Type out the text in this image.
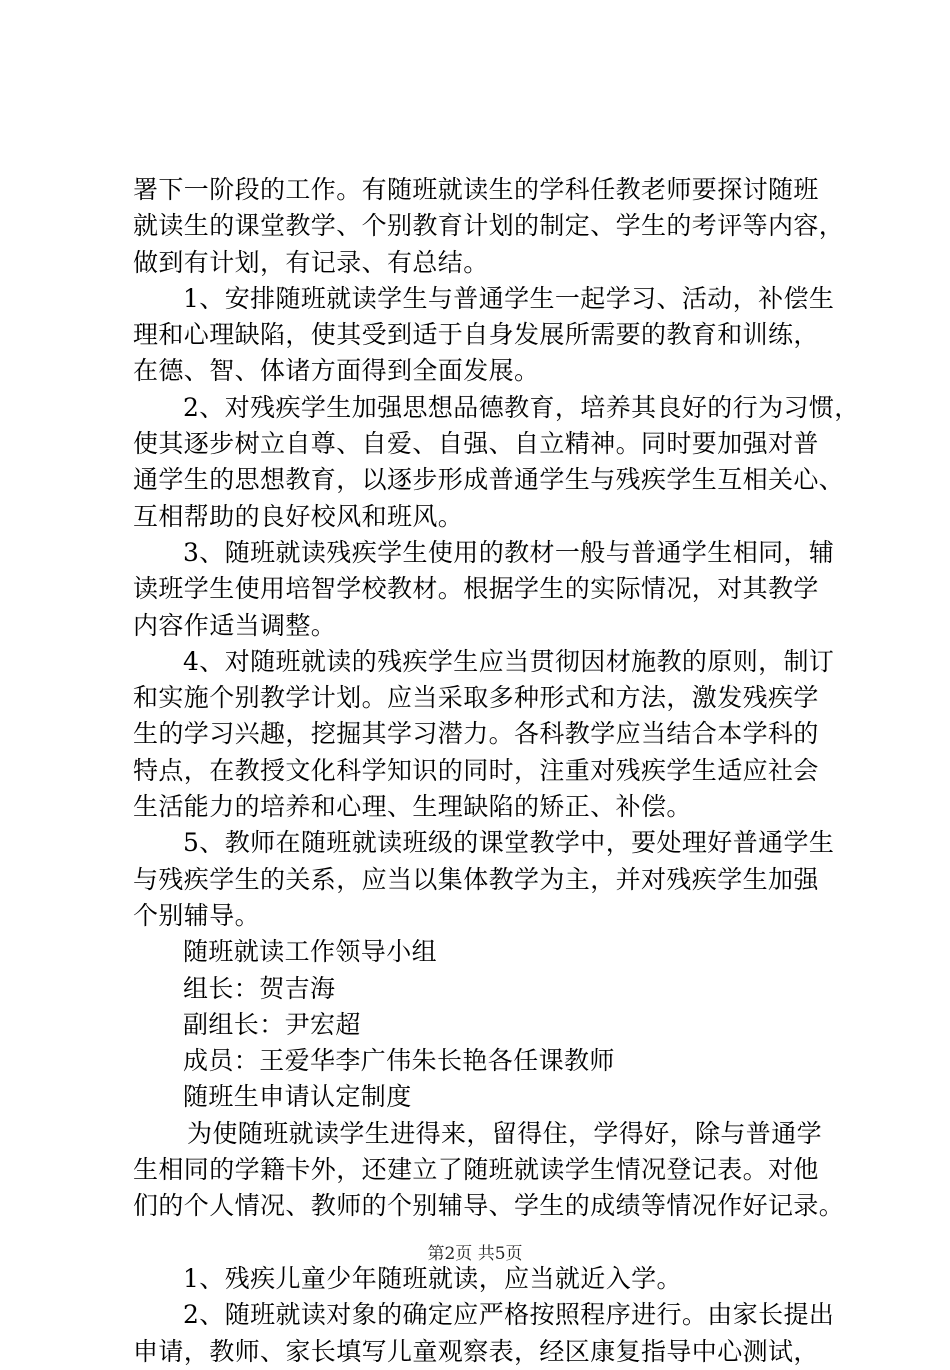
署下一阶段的工作。有随班就读生的学科任教老师要探讨随班
就读生的课堂教学、个别教育计划的制定、学生的考评等内容，
做到有计划，有记录、有总结。
1、安排随班就读学生与普通学生一起学习、活动，补偿生
理和心理缺陷，使其受到适于自身发展所需要的教育和训练，
在德、智、体诸方面得到全面发展。
2、对残疾学生加强思想品德教育，培养其良好的行为习惯，
使其逐步树立自尊、自爱、自强、自立精神。同时要加强对普
通学生的思想教育，以逐步形成普通学生与残疾学生互相关心、
互相帮助的良好校风和班风。
3、随班就读残疾学生使用的教材一般与普通学生相同，辅
读班学生使用培智学校教材。根据学生的实际情况，对其教学
内容作适当调整。
4、对随班就读的残疾学生应当贯彻因材施教的原则，制订
和实施个别教学计划。应当采取多种形式和方法，激发残疾学
生的学习兴趣，挖掘其学习潜力。各科教学应当结合本学科的
特点，在教授文化科学知识的同时，注重对残疾学生适应社会
生活能力的培养和心理、生理缺陷的矫正、补偿。
5、教师在随班就读班级的课堂教学中，要处理好普通学生
与残疾学生的关系，应当以集体教学为主，并对残疾学生加强
个别辅导。
随班就读工作领导小组
组长：贺吉海
副组长：尹宏超
成员：王爱华李广伟朱长艳各任课教师
随班生申请认定制度
为使随班就读学生进得来，留得住，学得好，除与普通学
生相同的学籍卡外，还建立了随班就读学生情况登记表。对他
们的个人情况、教师的个别辅导、学生的成绩等情况作好记录。
1、残疾儿童少年随班就读，应当就近入学。
2、随班就读对象的确定应严格按照程序进行。由家长提出
申请，教师、家长填写儿童观察表，经区康复指导中心测试，
第2页 共5页
